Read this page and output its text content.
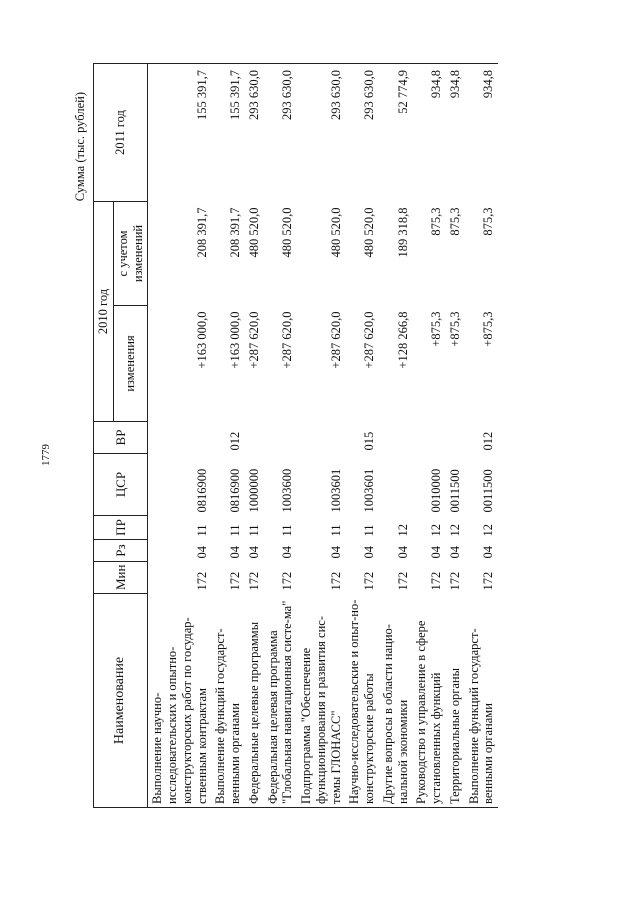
1779
Сумма (тыс. рублей)
Наименование	Мин	Рз	ПР	ЦСР	ВР	2010 год		2011 год
						изменения	с учетом изменений	
Выполнение научно-исследовательских и опытно-конструкторских работ по государ-ственным контрактам	172	04	11	0816900		+163 000,0	208 391,7	155 391,7
Выполнение функций государст-венными органами	172	04	11	0816900	012	+163 000,0	208 391,7	155 391,7
Федеральные целевые программы	172	04	11	1000000		+287 620,0	480 520,0	293 630,0
Федеральная целевая программа "Глобальная навигационная систе-ма"	172	04	11	1003600		+287 620,0	480 520,0	293 630,0
Подпрограмма "Обеспечение функционирования и развития сис-темы ГЛОНАСС"	172	04	11	1003601		+287 620,0	480 520,0	293 630,0
Научно-исследовательские и опыт-но-конструкторские работы	172	04	11	1003601	015	+287 620,0	480 520,0	293 630,0
Другие вопросы в области нацио-нальной экономики	172	04	12			+128 266,8	189 318,8	52 774,9
Руководство и управление в сфере установленных функций	172	04	12	0010000		+875,3	875,3	934,8
Территориальные органы	172	04	12	0011500		+875,3	875,3	934,8
Выполнение функций государст-венными органами	172	04	12	0011500	012	+875,3	875,3	934,8
